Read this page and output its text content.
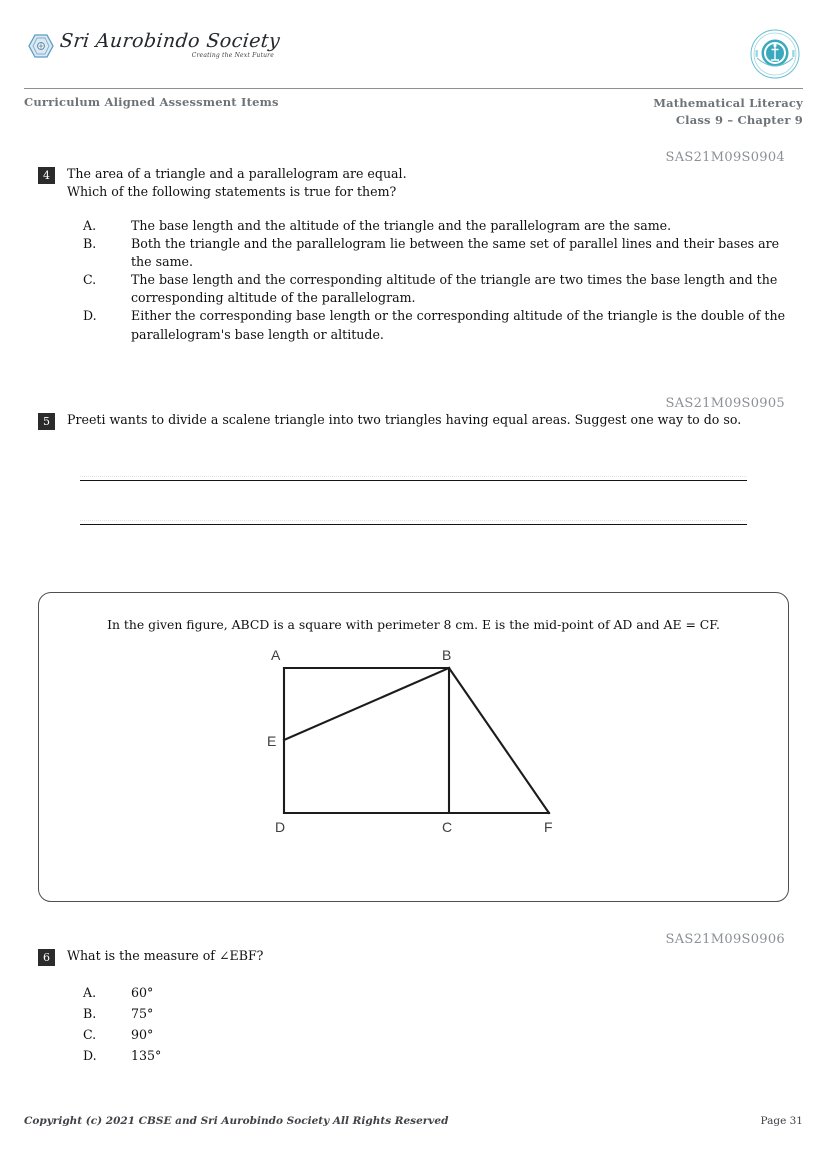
Sri Aurobindo Society
Creating the Next Future
Curriculum Aligned Assessment Items	Mathematical Literacy
Class 9 – Chapter 9
SAS21M09S0904
4	The area of a triangle and a parallelogram are equal.
Which of the following statements is true for them?
A.	The base length and the altitude of the triangle and the parallelogram are the same.
B.	Both the triangle and the parallelogram lie between the same set of parallel lines and their bases are the same.
C.	The base length and the corresponding altitude of the triangle are two times the base length and the corresponding altitude of the parallelogram.
D.	Either the corresponding base length or the corresponding altitude of the triangle is the double of the parallelogram's base length or altitude.
SAS21M09S0905
5	Preeti wants to divide a scalene triangle into two triangles having equal areas. Suggest one way to do so.
In the given figure, ABCD is a square with perimeter 8 cm. E is the mid-point of AD and AE = CF.
A	B
E
D	C	F
SAS21M09S0906
6	What is the measure of ∠EBF?
A.	60°
B.	75°
C.	90°
D.	135°
Copyright (c) 2021 CBSE and Sri Aurobindo Society All Rights Reserved	Page 31
